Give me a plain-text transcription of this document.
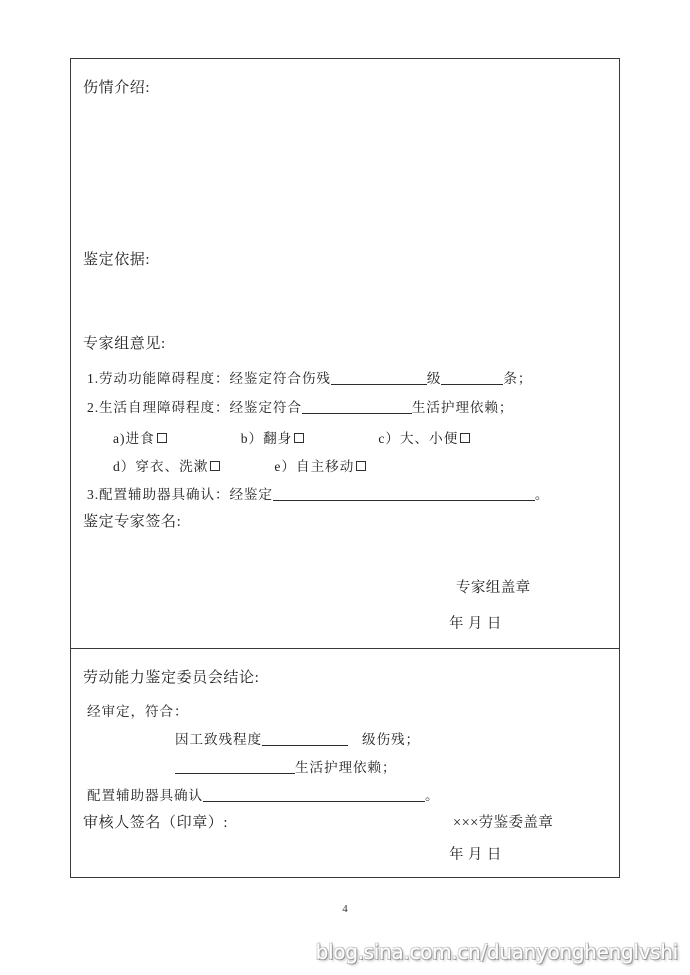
伤情介绍:
鉴定依据:
专家组意见:
1.劳动功能障碍程度：经鉴定符合伤残	级	条；
2.生活自理障碍程度：经鉴定符合	生活护理依赖；
a)进食	b）翻身	c）大、小便
d）穿衣、洗漱	e）自主移动
3.配置辅助器具确认：经鉴定	。
鉴定专家签名:
专家组盖章
年 月 日
劳动能力鉴定委员会结论:
经审定，符合：
因工致残程度	级伤残；
生活护理依赖；
配置辅助器具确认	。
审核人签名（印章）:	×××劳鉴委盖章
年 月 日
4
blog.sina.com.cn/duanyonghenglvshi
